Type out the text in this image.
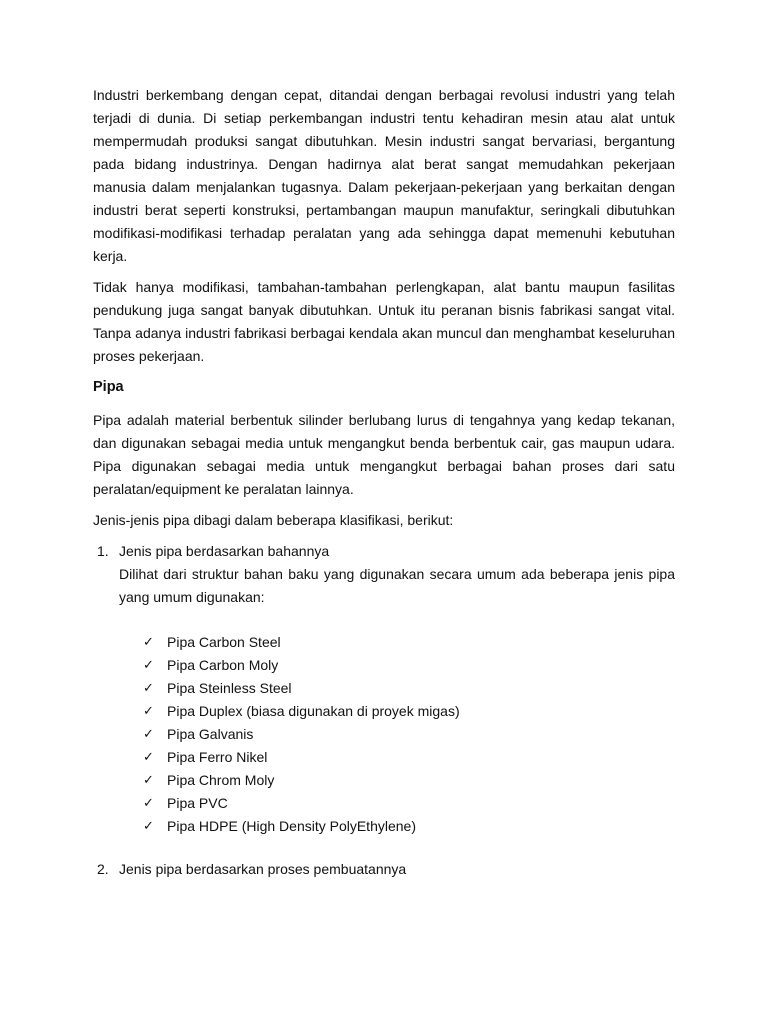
Industri berkembang dengan cepat, ditandai dengan berbagai revolusi industri yang telah terjadi di dunia. Di setiap perkembangan industri tentu kehadiran mesin atau alat untuk mempermudah produksi sangat dibutuhkan. Mesin industri sangat bervariasi, bergantung pada bidang industrinya. Dengan hadirnya alat berat sangat memudahkan pekerjaan manusia dalam menjalankan tugasnya. Dalam pekerjaan-pekerjaan yang berkaitan dengan industri berat seperti konstruksi, pertambangan maupun manufaktur, seringkali dibutuhkan modifikasi-modifikasi terhadap peralatan yang ada sehingga dapat memenuhi kebutuhan kerja.

Tidak hanya modifikasi, tambahan-tambahan perlengkapan, alat bantu maupun fasilitas pendukung juga sangat banyak dibutuhkan. Untuk itu peranan bisnis fabrikasi sangat vital. Tanpa adanya industri fabrikasi berbagai kendala akan muncul dan menghambat keseluruhan proses pekerjaan.

Pipa

Pipa adalah material berbentuk silinder berlubang lurus di tengahnya yang kedap tekanan, dan digunakan sebagai media untuk mengangkut benda berbentuk cair, gas maupun udara. Pipa digunakan sebagai media untuk mengangkut berbagai bahan proses dari satu peralatan/equipment ke peralatan lainnya.

Jenis-jenis pipa dibagi dalam beberapa klasifikasi, berikut:

1. Jenis pipa berdasarkan bahannya

Dilihat dari struktur bahan baku yang digunakan secara umum ada beberapa jenis pipa yang umum digunakan:

✓ Pipa Carbon Steel
✓ Pipa Carbon Moly
✓ Pipa Steinless Steel
✓ Pipa Duplex (biasa digunakan di proyek migas)
✓ Pipa Galvanis
✓ Pipa Ferro Nikel
✓ Pipa Chrom Moly
✓ Pipa PVC
✓ Pipa HDPE (High Density PolyEthylene)
2. Jenis pipa berdasarkan proses pembuatannya
